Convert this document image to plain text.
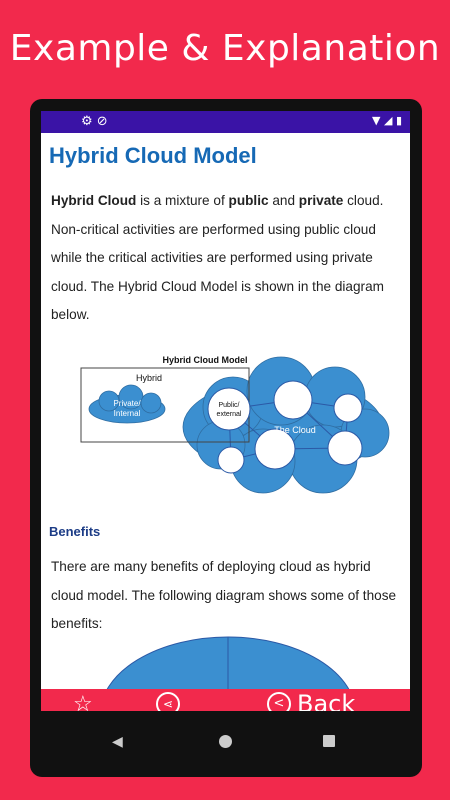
Example & Explanation
⚙ ⊘	▼ ◢ ▮
Hybrid Cloud Model

Hybrid Cloud is a mixture of public and private cloud. Non-critical activities are performed using public cloud while the critical activities are performed using private cloud. The Hybrid Cloud Model is shown in the diagram below.

Hybrid Cloud Model
Hybrid
Private/
Internal
Public/
external
The Cloud
Benefits

There are many benefits of deploying cloud as hybrid cloud model. The following diagram shows some of those benefits:

☆	⋖	< Back
◀
